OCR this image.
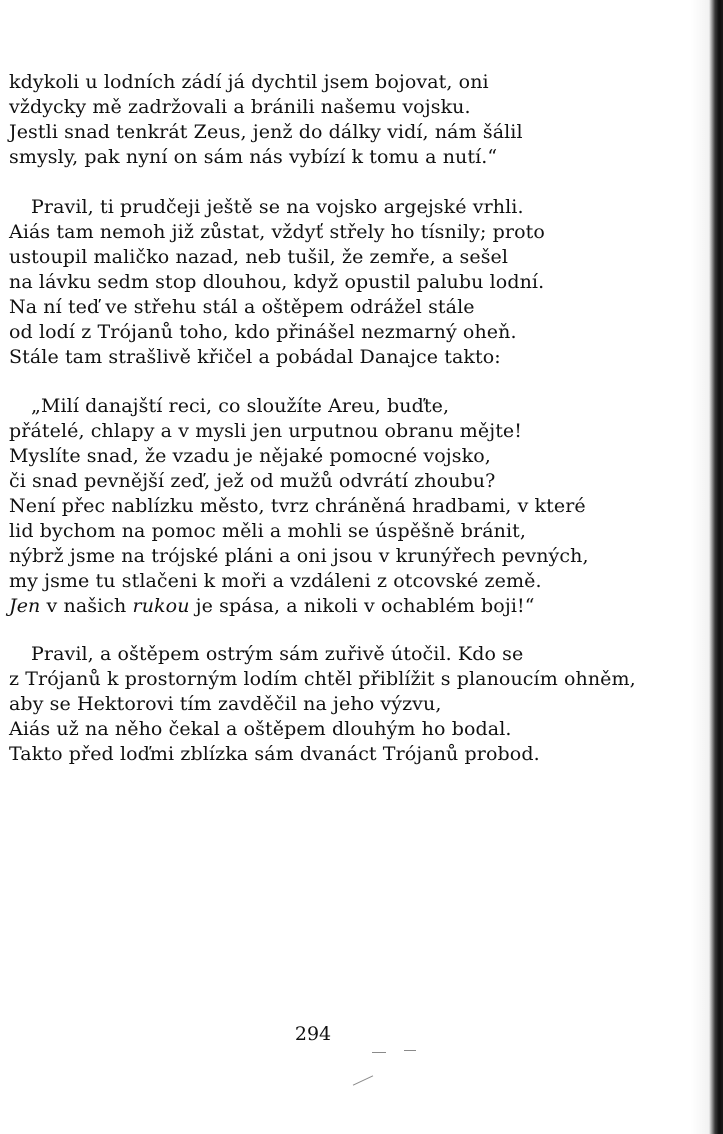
kdykoli u lodních zádí já dychtil jsem bojovat, oni
vždycky mě zadržovali a bránili našemu vojsku.
Jestli snad tenkrát Zeus, jenž do dálky vidí, nám šálil
smysly, pak nyní on sám nás vybízí k tomu a nutí.“
Pravil, ti prudčeji ještě se na vojsko argejské vrhli.
Aiás tam nemoh již zůstat, vždyť střely ho tísnily; proto
ustoupil maličko nazad, neb tušil, že zemře, a sešel
na lávku sedm stop dlouhou, když opustil palubu lodní.
Na ní teď ve střehu stál a oštěpem odrážel stále
od lodí z Trójanů toho, kdo přinášel nezmarný oheň.
Stále tam strašlivě křičel a pobádal Danajce takto:
„Milí danajští reci, co sloužíte Areu, buďte,
přátelé, chlapy a v mysli jen urputnou obranu mějte!
Myslíte snad, že vzadu je nějaké pomocné vojsko,
či snad pevnější zeď, jež od mužů odvrátí zhoubu?
Není přec nablízku město, tvrz chráněná hradbami, v které
lid bychom na pomoc měli a mohli se úspěšně bránit,
nýbrž jsme na trójské pláni a oni jsou v krunýřech pevných,
my jsme tu stlačeni k moři a vzdáleni z otcovské země.
Jen v našich rukou je spása, a nikoli v ochablém boji!“
Pravil, a oštěpem ostrým sám zuřivě útočil. Kdo se
z Trójanů k prostorným lodím chtěl přiblížit s planoucím ohněm,
aby se Hektorovi tím zavděčil na jeho výzvu,
Aiás už na něho čekal a oštěpem dlouhým ho bodal.
Takto před loďmi zblízka sám dvanáct Trójanů probod.
294
